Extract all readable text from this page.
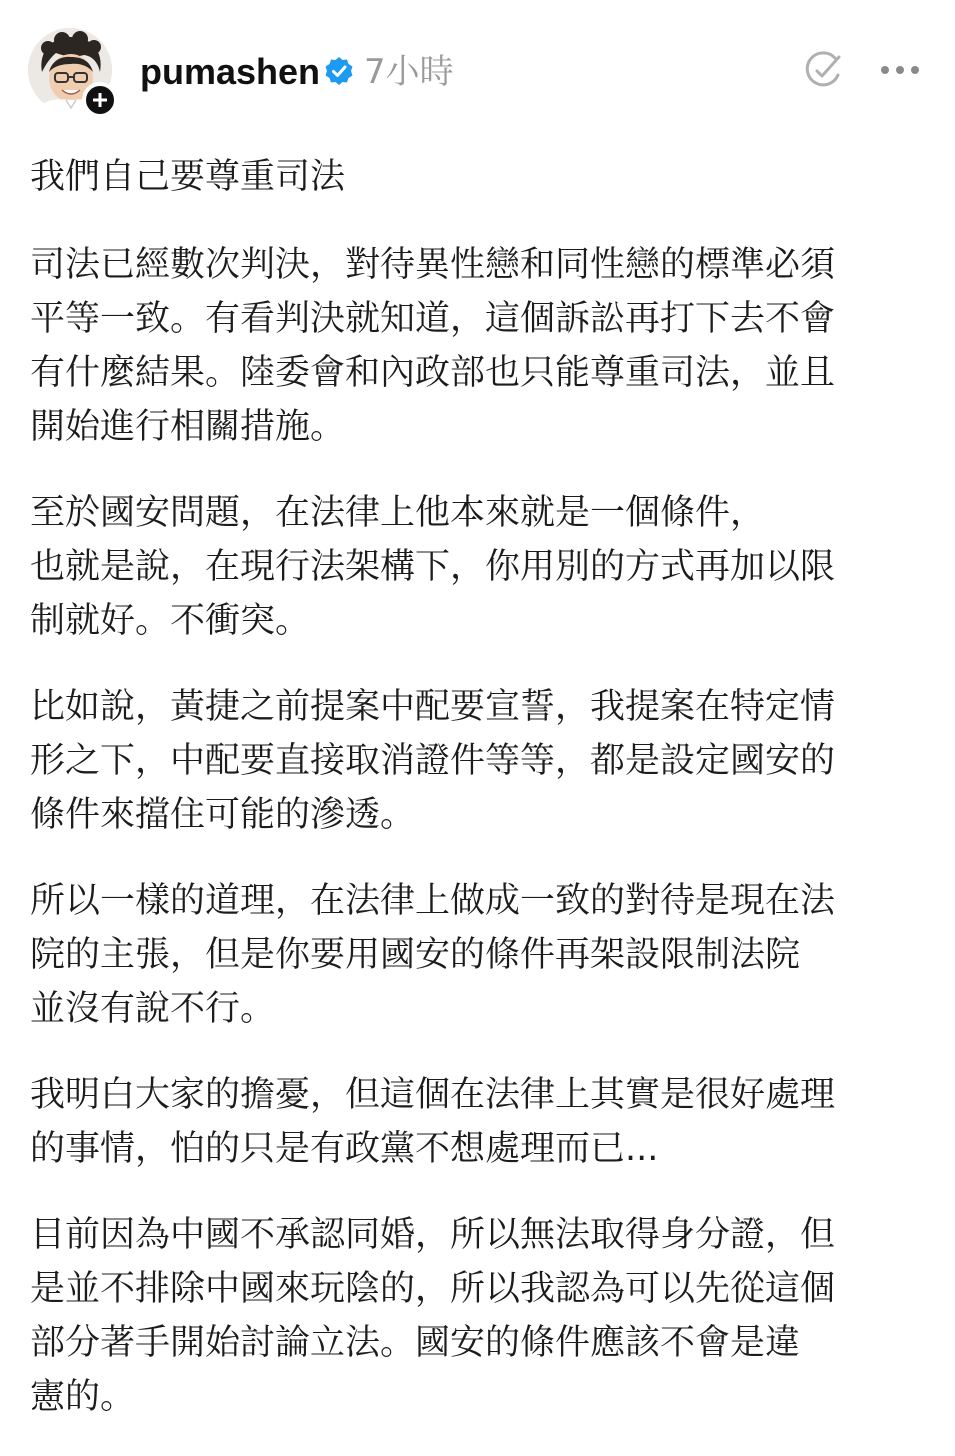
pumashen 7小時

我們自己要尊重司法

司法已經數次判決，對待異性戀和同性戀的標準必須
平等一致。有看判決就知道，這個訴訟再打下去不會
有什麼結果。陸委會和內政部也只能尊重司法，並且
開始進行相關措施。

￼至於國安問題，在法律上他本來就是一個條件，￼
也就是說，在現行法架構下，你用別的方式再加以限
制就好。￼不衝突。

比如說，黃捷之前提案中配要宣誓，我提案在特定情
形之下，中配要直接取消證件等等，都是設定國安的
條件來擋住可能的滲透。￼

所以一樣的道理，在法律上做成一致的對待是現在法
院的主張，但是你要用國安的條件再架設限制￼法院
並沒有說不行。￼

我明白大家的擔憂，但這個在法律上其實是很好處理
的事情，￼怕的只是有政黨不想處理而已...

目前因為中國不承認同婚，所以無法取得身分證，但
是並不排除中國來玩陰的，所以我認為可以先從這個
部分著手開始討論立法。￼國安的條件應該不會是違
憲的。￼
